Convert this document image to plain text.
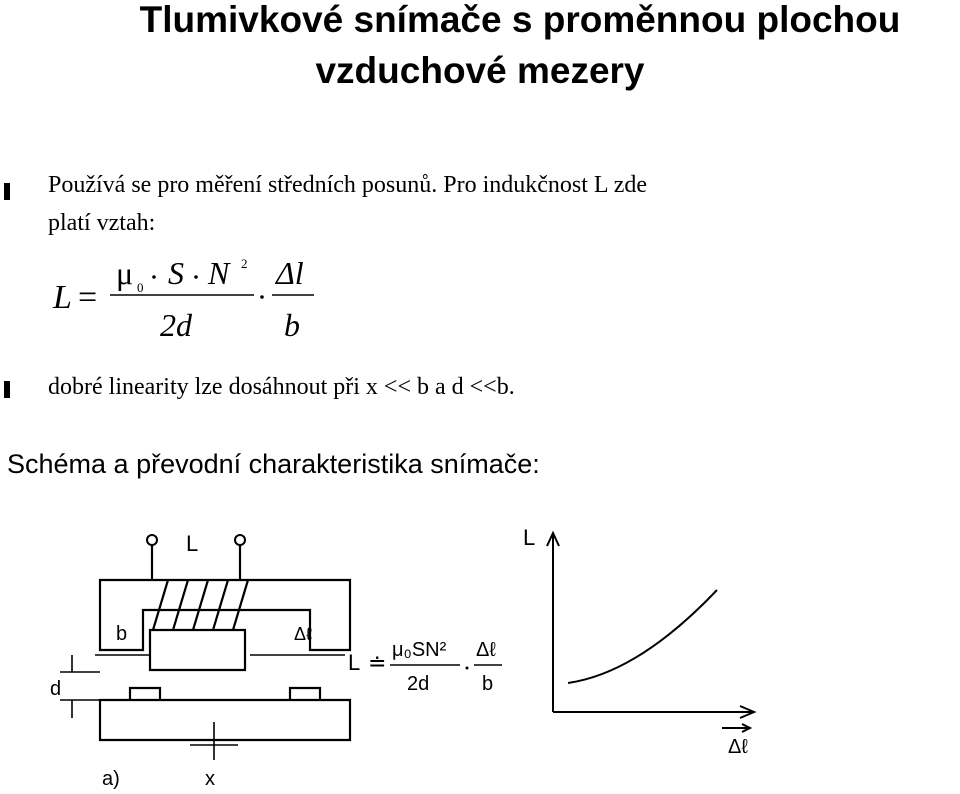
Tlumivkové snímače s proměnnou plochou
vzduchové mezery
Používá se pro měření středních posunů. Pro indukčnost L zde
platí vztah:
L =
μ 0 S N 2
2d
Δl
b
dobré linearity lze dosáhnout při x << b a d <<b.
Schéma a převodní charakteristika snímače:
L
b
d
Δℓ
x
a)
L ≐ μ₀SN²
2d
Δℓ
b
L
Δℓ
